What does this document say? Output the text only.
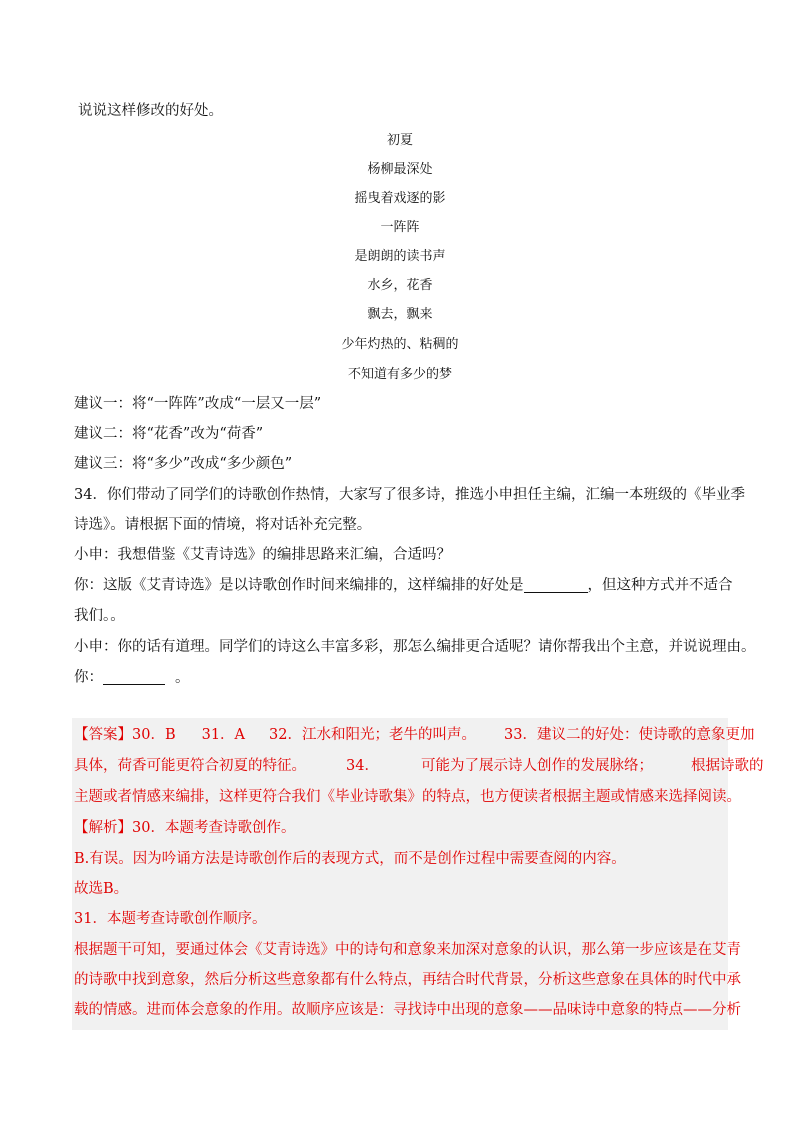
说说这样修改的好处。
初夏
杨柳最深处
摇曳着戏逐的影
一阵阵
是朗朗的读书声
水乡，花香
飘去，飘来
少年灼热的、粘稠的
不知道有多少的梦
建议一：将“一阵阵”改成“一层又一层”
建议二：将“花香”改为“荷香”
建议三：将“多少”改成“多少颜色”
34．你们带动了同学们的诗歌创作热情，大家写了很多诗，推选小申担任主编，汇编一本班级的《毕业季
诗选》。请根据下面的情境，将对话补充完整。
小申：我想借鉴《艾青诗选》的编排思路来汇编，合适吗？
你：这版《艾青诗选》是以诗歌创作时间来编排的，这样编排的好处是	，但这种方式并不适合
我们。。
小申：你的话有道理。同学们的诗这么丰富多彩，那怎么编排更合适呢？请你帮我出个主意，并说说理由。
你：	。
【答案】30．B 31．A 32．江水和阳光；老牛的叫声。 33．建议二的好处：使诗歌的意象更加
具体，荷香可能更符合初夏的特征。	34．	可能为了展示诗人创作的发展脉络；	根据诗歌的
主题或者情感来编排，这样更符合我们《毕业诗歌集》的特点，也方便读者根据主题或情感来选择阅读。
【解析】30．本题考查诗歌创作。
B.有误。因为吟诵方法是诗歌创作后的表现方式，而不是创作过程中需要查阅的内容。
故选B。
31．本题考查诗歌创作顺序。
根据题干可知，要通过体会《艾青诗选》中的诗句和意象来加深对意象的认识，那么第一步应该是在艾青
的诗歌中找到意象，然后分析这些意象都有什么特点，再结合时代背景，分析这些意象在具体的时代中承
载的情感。进而体会意象的作用。故顺序应该是：寻找诗中出现的意象——品味诗中意象的特点——分析
